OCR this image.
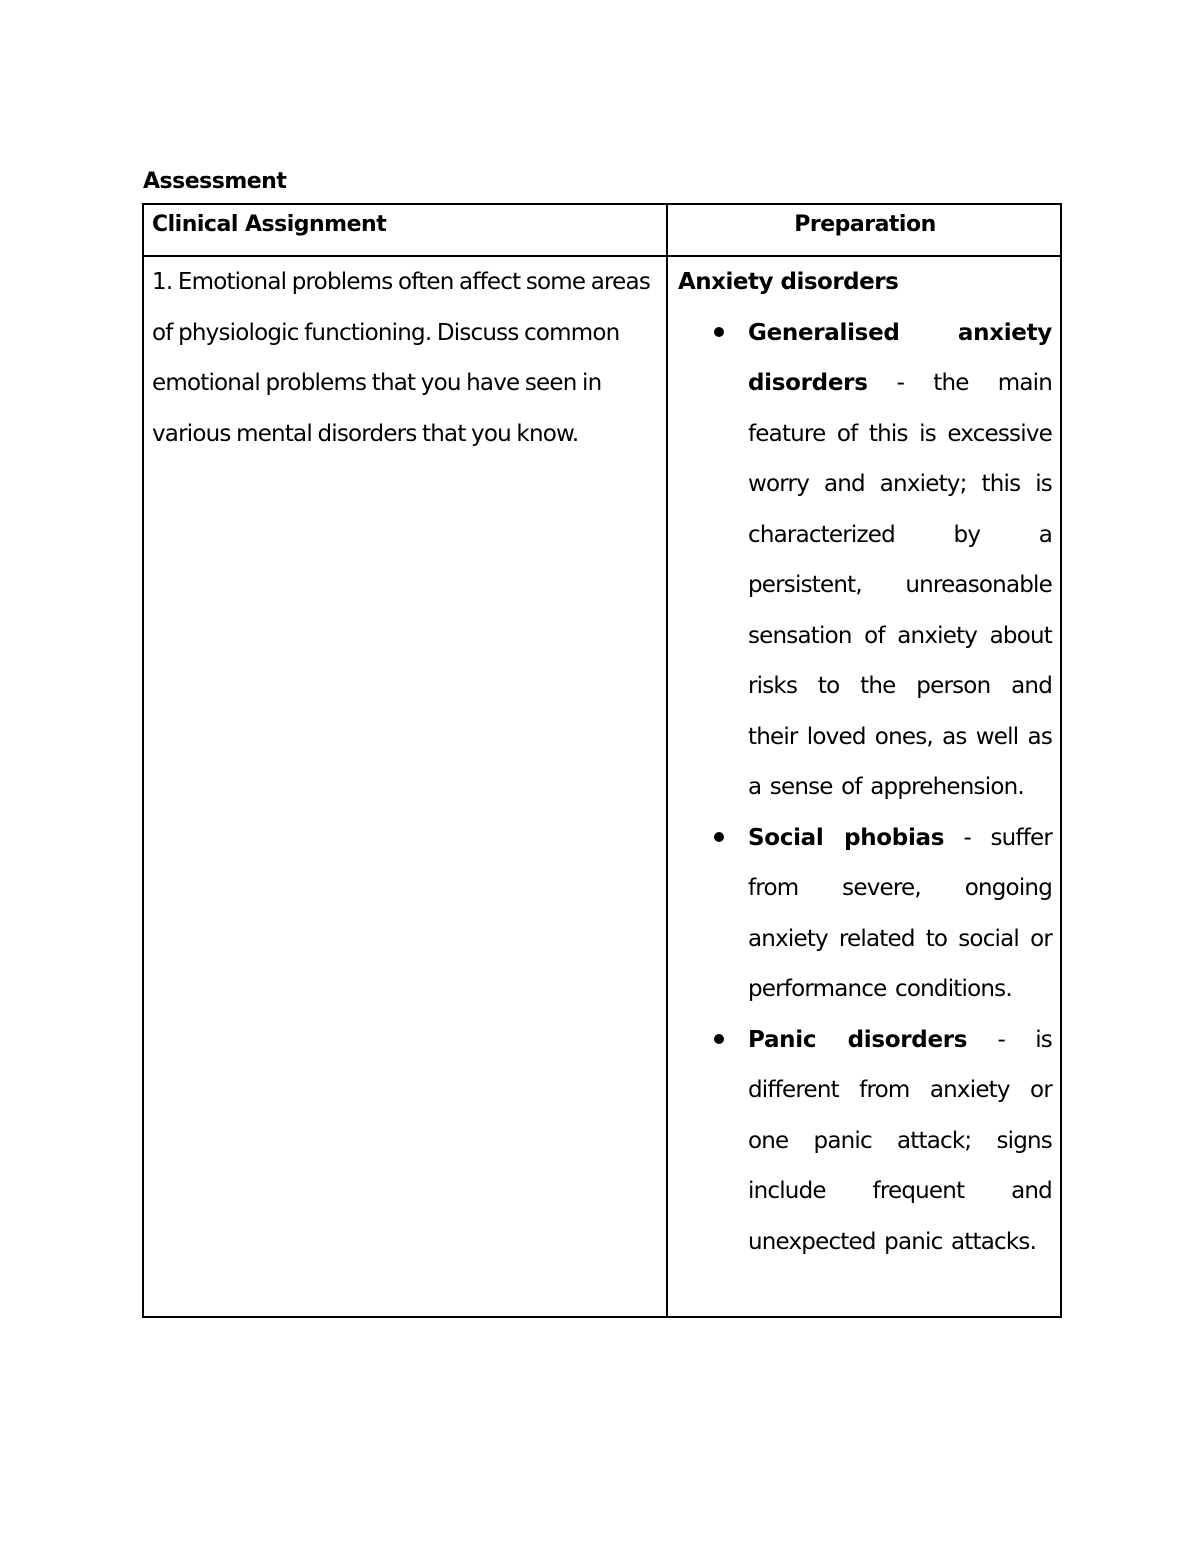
Assessment
Clinical Assignment	Preparation
1. Emotional problems often affect some areas of physiologic functioning. Discuss common emotional problems that you have seen in various mental disorders that you know.
Anxiety disorders
Generalised anxiety disorders - the main feature of this is excessive worry and anxiety; this is characterized by a persistent, unreasonable sensation of anxiety about risks to the person and their loved ones, as well as a sense of apprehension.
Social phobias - suffer from severe, ongoing anxiety related to social or performance conditions.
Panic disorders - is different from anxiety or one panic attack; signs include frequent and unexpected panic attacks.
